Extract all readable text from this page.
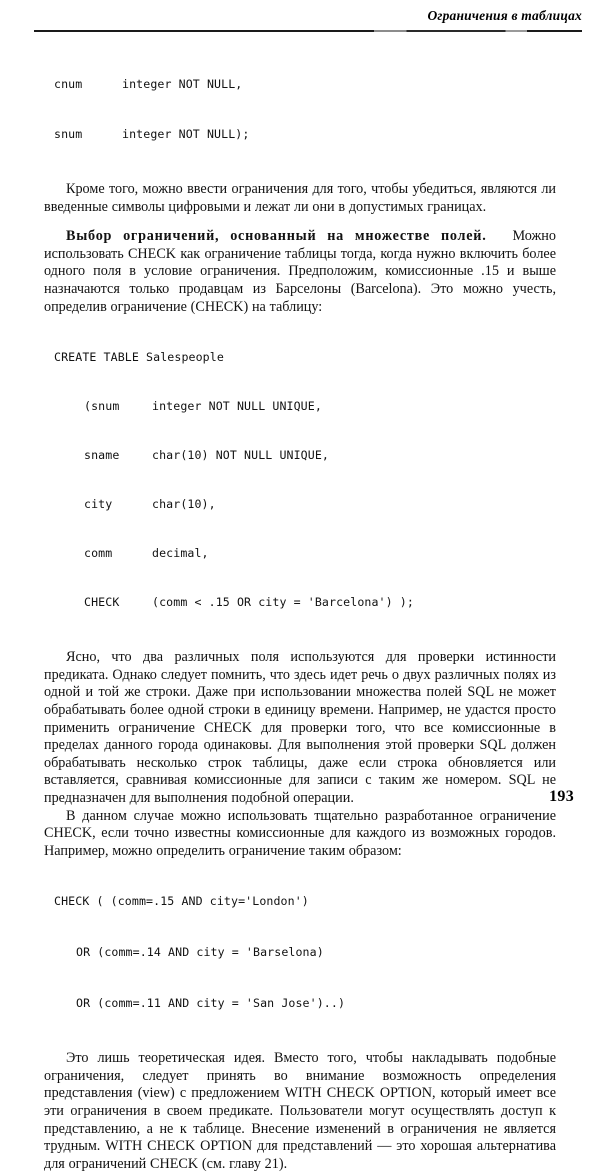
Ограничения в таблицах

cnum	integer NOT NULL,

snum	integer NOT NULL);

Кроме того, можно ввести ограничения для того, чтобы убедиться, являются ли введенные символы цифровыми и лежат ли они в допустимых границах.

Выбор ограничений, основанный на множестве полей. Можно использовать CHECK как ограничение таблицы тогда, когда нужно включить более одного поля в условие ограничения. Предположим, комиссионные .15 и выше назначаются только продавцам из Барселоны (Barcelona). Это можно учесть, определив ограничение (CHECK) на таблицу:

CREATE TABLE Salespeople

(snum	integer NOT NULL UNIQUE,

sname	char(10) NOT NULL UNIQUE,

city	char(10),

comm	decimal,

CHECK	(comm < .15 OR city = 'Barcelona') );

Ясно, что два различных поля используются для проверки истинности предиката. Однако следует помнить, что здесь идет речь о двух различных полях из одной и той же строки. Даже при использовании множества полей SQL не может обрабатывать более одной строки в единицу времени. Например, не удастся просто применить ограничение CHECK для проверки того, что все комиссионные в пределах данного города одинаковы. Для выполнения этой проверки SQL должен обрабатывать несколько строк таблицы, даже если строка обновляется или вставляется, сравнивая комиссионные для записи с таким же номером. SQL не предназначен для выполнения подобной операции.

В данном случае можно использовать тщательно разработанное ограничение CHECK, если точно известны комиссионные для каждого из возможных городов. Например, можно определить ограничение таким образом:

CHECK ( (comm=.15 AND city='London')

OR (comm=.14 AND city = 'Barselona)

OR (comm=.11 AND city = 'San Jose')..)

Это лишь теоретическая идея. Вместо того, чтобы накладывать подобные ограничения, следует принять во внимание возможность определения представления (view) с предложением WITH CHECK OPTION, который имеет все эти ограничения в своем предикате. Пользователи могут осуществлять доступ к представлению, а не к таблице. Внесение изменений в ограничения не является трудным. WITH CHECK OPTION для представлений — это хорошая альтернатива для ограничений CHECK (см. главу 21).

193
